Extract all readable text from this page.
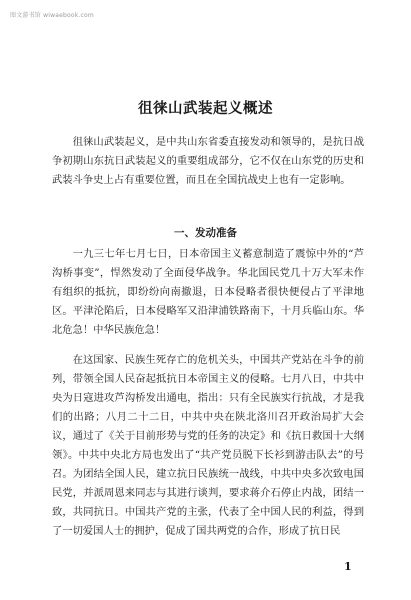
图文游书馆 wiwaebook.com
徂徕山武装起义概述
徂徕山武装起义，是中共山东省委直接发动和领导的，是抗日战争初期山东抗日武装起义的重要组成部分，它不仅在山东党的历史和武装斗争史上占有重要位置，而且在全国抗战史上也有一定影响。
一、发动准备
一九三七年七月七日，日本帝国主义蓄意制造了震惊中外的“芦沟桥事变”，悍然发动了全面侵华战争。华北国民党几十万大军未作有组织的抵抗，即纷纷向南撤退，日本侵略者很快便侵占了平津地区。平津沦陷后，日本侵略军又沿津浦铁路南下，十月兵临山东。华北危急！中华民族危急！
在这国家、民族生死存亡的危机关头，中国共产党站在斗争的前列，带领全国人民奋起抵抗日本帝国主义的侵略。七月八日，中共中央为日寇进攻芦沟桥发出通电，指出：只有全民族实行抗战，才是我们的出路；八月二十二日，中共中央在陕北洛川召开政治局扩大会议，通过了《关于目前形势与党的任务的决定》和《抗日救国十大纲领》。中共中央北方局也发出了“共产党员脱下长衫到游击队去”的号召。为团结全国人民，建立抗日民族统一战线，中共中央多次致电国民党，并派周恩来同志与其进行谈判，要求蒋介石停止内战，团结一致，共同抗日。中国共产党的主张，代表了全中国人民的利益，得到了一切爱国人士的拥护，促成了国共两党的合作，形成了抗日民
1
